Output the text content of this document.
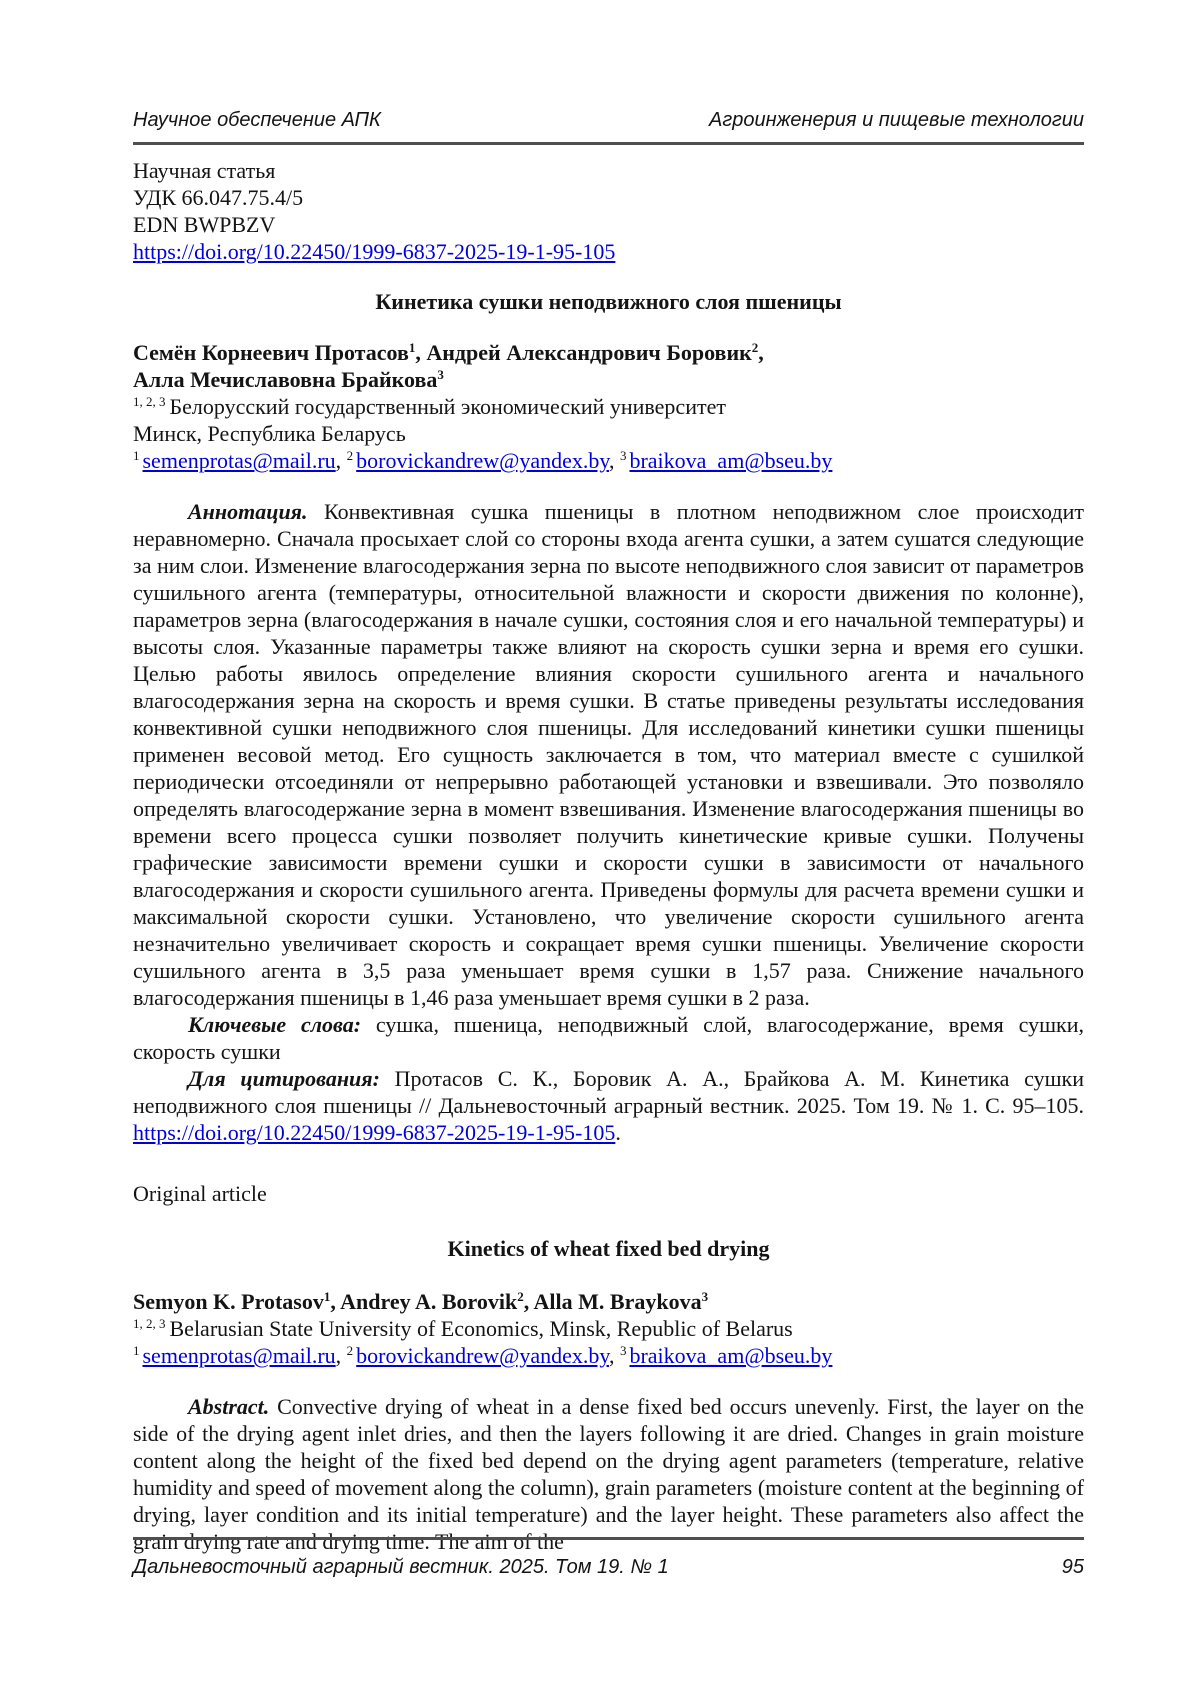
Научное обеспечение АПК	Агроинженерия и пищевые технологии
Научная статья
УДК 66.047.75.4/5
EDN BWPBZV
https://doi.org/10.22450/1999-6837-2025-19-1-95-105
Кинетика сушки неподвижного слоя пшеницы
Семён Корнеевич Протасов$^1$, Андрей Александрович Боровик$^2$,
Алла Мечиславовна Брайкова$^3$
$^{1, 2, 3}$ Белорусский государственный экономический университет
Минск, Республика Беларусь
$^1$ semenprotas@mail.ru, $^2$ borovickandrew@yandex.by, $^3$ braikova_am@bseu.by
Аннотация. Конвективная сушка пшеницы в плотном неподвижном слое происходит неравномерно. Сначала просыхает слой со стороны входа агента сушки, а затем сушатся следующие за ним слои. Изменение влагосодержания зерна по высоте неподвижного слоя зависит от параметров сушильного агента (температуры, относительной влажности и скорости движения по колонне), параметров зерна (влагосодержания в начале сушки, состояния слоя и его начальной температуры) и высоты слоя. Указанные параметры также влияют на скорость сушки зерна и время его сушки. Целью работы явилось определение влияния скорости сушильного агента и начального влагосодержания зерна на скорость и время сушки. В статье приведены результаты исследования конвективной сушки неподвижного слоя пшеницы. Для исследований кинетики сушки пшеницы применен весовой метод. Его сущность заключается в том, что материал вместе с сушилкой периодически отсоединяли от непрерывно работающей установки и взвешивали. Это позволяло определять влагосодержание зерна в момент взвешивания. Изменение влагосодержания пшеницы во времени всего процесса сушки позволяет получить кинетические кривые сушки. Получены графические зависимости времени сушки и скорости сушки в зависимости от начального влагосодержания и скорости сушильного агента. Приведены формулы для расчета времени сушки и максимальной скорости сушки. Установлено, что увеличение скорости сушильного агента незначительно увеличивает скорость и сокращает время сушки пшеницы. Увеличение скорости сушильного агента в 3,5 раза уменьшает время сушки в 1,57 раза. Снижение начального влагосодержания пшеницы в 1,46 раза уменьшает время сушки в 2 раза.
Ключевые слова: сушка, пшеница, неподвижный слой, влагосодержание, время сушки, скорость сушки
Для цитирования: Протасов С. К., Боровик А. А., Брайкова А. М. Кинетика сушки неподвижного слоя пшеницы // Дальневосточный аграрный вестник. 2025. Том 19. № 1. С. 95–105. https://doi.org/10.22450/1999-6837-2025-19-1-95-105.
Original article
Kinetics of wheat fixed bed drying
Semyon K. Protasov$^1$, Andrey A. Borovik$^2$, Alla M. Braykova$^3$
$^{1, 2, 3}$ Belarusian State University of Economics, Minsk, Republic of Belarus
$^1$ semenprotas@mail.ru, $^2$ borovickandrew@yandex.by, $^3$ braikova_am@bseu.by
Abstract. Convective drying of wheat in a dense fixed bed occurs unevenly. First, the layer on the side of the drying agent inlet dries, and then the layers following it are dried. Changes in grain moisture content along the height of the fixed bed depend on the drying agent parameters (temperature, relative humidity and speed of movement along the column), grain parameters (moisture content at the beginning of drying, layer condition and its initial temperature) and the layer height. These parameters also affect the grain drying rate and drying time. The aim of the
Дальневосточный аграрный вестник. 2025. Том 19. № 1	95
